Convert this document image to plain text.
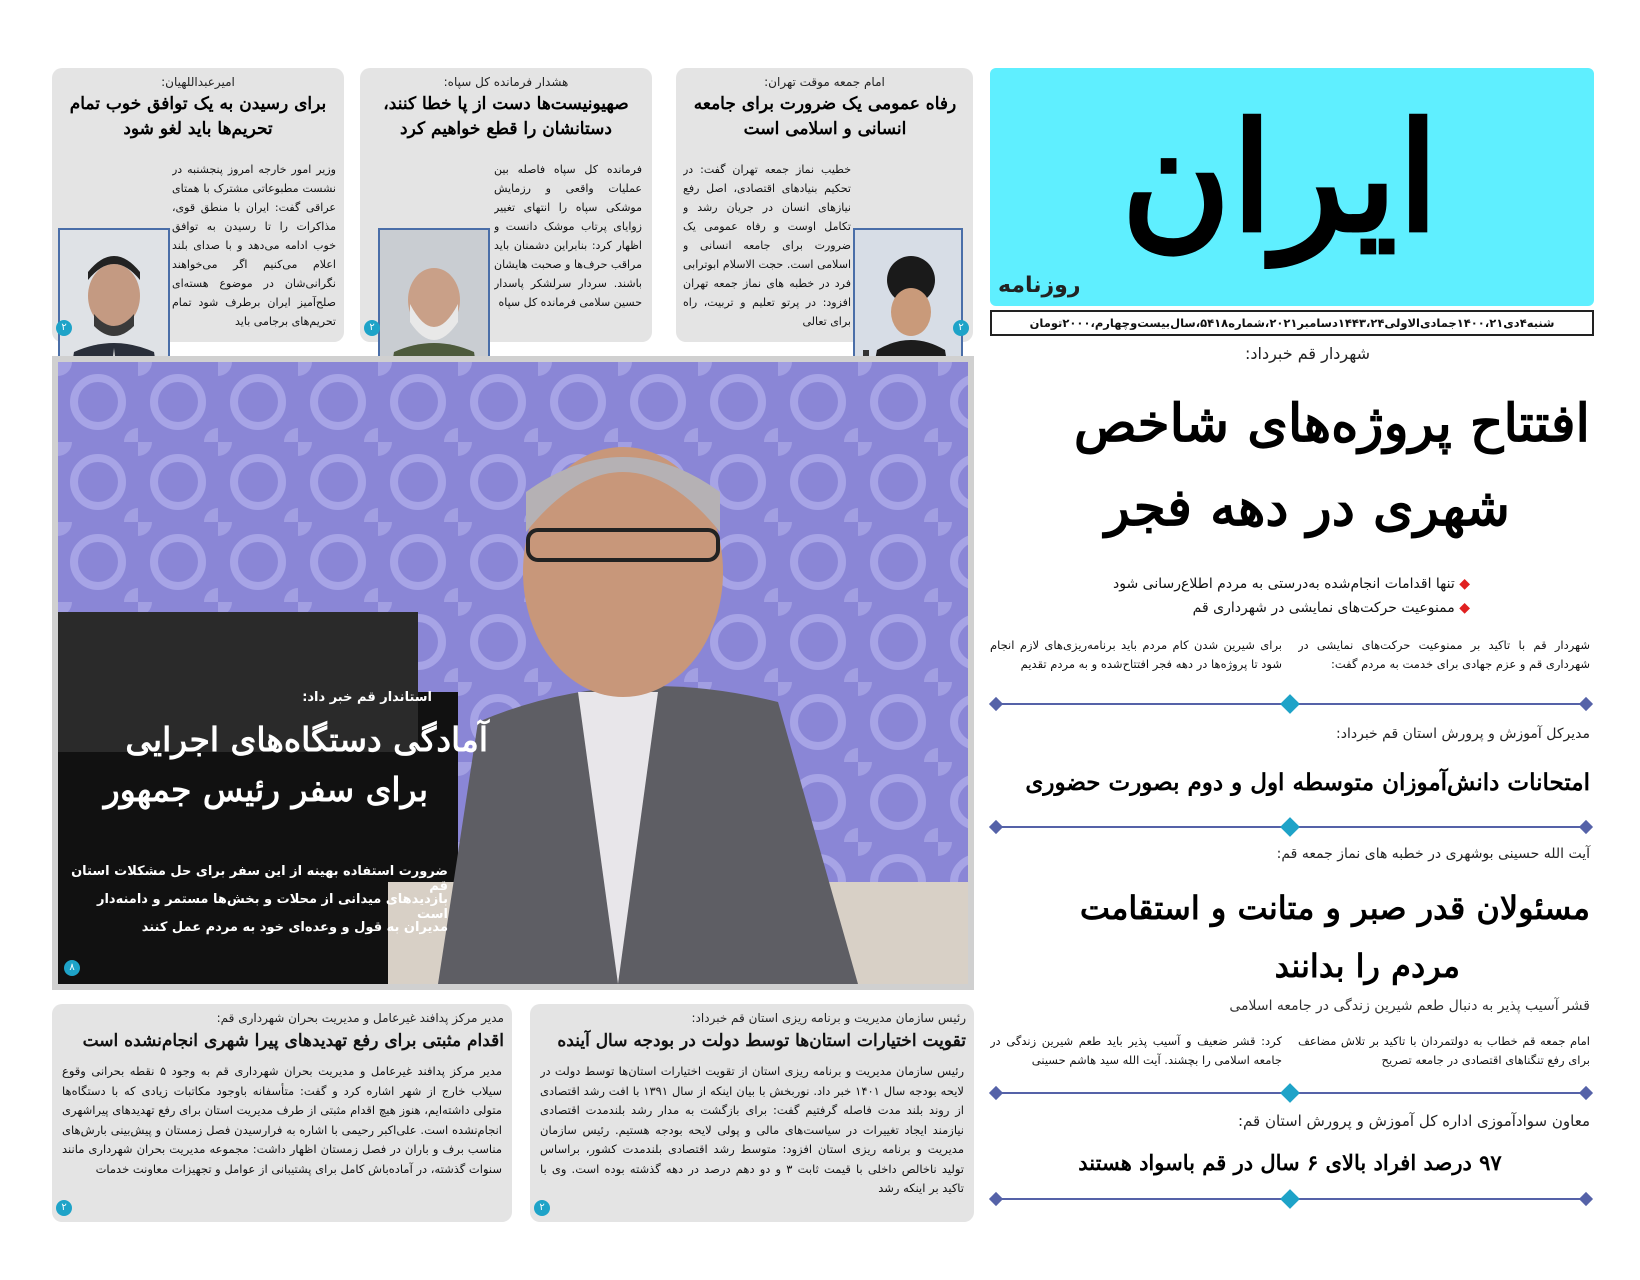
ایران
روزنامه
شنبه۴دی۱۴۰۰،۲۱جمادی‌الاولی۱۴۴۳،۲۴دسامبر۲۰۲۱،شماره۵۴۱۸،سال‌بیست‌وچهارم،۲۰۰۰تومان
امام جمعه موقت تهران:
رفاه عمومی یک ضرورت برای جامعه انسانی و اسلامی است
خطیب نماز جمعه تهران گفت: در تحکیم بنیادهای اقتصادی، اصل رفع نیازهای انسان در جریان رشد و تکامل اوست و رفاه عمومی یک ضرورت برای جامعه انسانی و اسلامی است. حجت الاسلام ابوترابی فرد در خطبه های نماز جمعه تهران افزود: در پرتو تعلیم و تربیت، راه برای تعالی	۲
هشدار فرمانده کل سپاه:
صهیونیست‌ها دست از پا خطا کنند، دستانشان را قطع خواهیم کرد
فرمانده کل سپاه فاصله بین عملیات واقعی و رزمایش موشکی سپاه را انتهای تغییر زوایای پرتاب موشک دانست و اظهار کرد: بنابراین دشمنان باید مراقب حرف‌ها و صحبت هایشان باشند. سردار سرلشکر پاسدار حسین سلامی فرمانده کل سپاه
۲
امیرعبداللهیان:
برای رسیدن به یک توافق خوب تمام تحریم‌ها باید لغو شود
وزیر امور خارجه امروز پنجشنبه در نشست مطبوعاتی مشترک با همتای عراقی گفت: ایران با منطق قوی، مذاکرات را تا رسیدن به توافق خوب ادامه می‌دهد و با صدای بلند اعلام می‌کنیم اگر می‌خواهند نگرانی‌شان در موضوع هسته‌ای صلح‌آمیز ایران برطرف شود تمام تحریم‌های برجامی باید
۲
استاندار قم خبر داد:
آمادگی دستگاه‌های اجرایی
برای سفر رئیس جمهور
ضرورت استفاده بهینه از این سفر برای حل مشکلات استان قم
بازدیدهای میدانی از محلات و بخش‌ها مستمر و دامنه‌دار است
مدیران به قول و وعده‌ای خود به مردم عمل کنند
۸
شهردار قم خبرداد:
افتتاح پروژه‌های شاخص
شهری در دهه فجر
◆ تنها اقدامات انجام‌شده به‌درستی به مردم اطلاع‌رسانی شود
◆ ممنوعیت حرکت‌های نمایشی در شهرداری قم
شهردار قم با تاکید بر ممنوعیت حرکت‌های نمایشی در شهرداری قم و عزم جهادی برای خدمت به مردم گفت:
برای شیرین شدن کام مردم باید برنامه‌ریزی‌های لازم انجام شود تا پروژه‌ها در دهه فجر افتتاح‌شده و به مردم تقدیم
مدیرکل آموزش و پرورش استان قم خبرداد:
امتحانات دانش‌آموزان متوسطه اول و دوم بصورت حضوری
آیت الله حسینی بوشهری در خطبه های نماز جمعه قم:
مسئولان قدر صبر و متانت و استقامت
مردم را بدانند
قشر آسیب‌ پذیر به دنبال طعم شیرین زندگی در جامعه اسلامی
امام جمعه قم خطاب به دولتمردان با تاکید بر تلاش مضاعف برای رفع تنگناهای اقتصادی در جامعه تصریح
کرد: قشر ضعیف و آسیب پذیر باید طعم شیرین زندگی در جامعه اسلامی را بچشند. آیت الله سید هاشم حسینی
معاون سوادآموزی اداره کل آموزش و پرورش استان قم:
۹۷ درصد افراد بالای ۶ سال در قم باسواد هستند
رئیس سازمان مدیریت و برنامه ریزی استان قم خبرداد:
تقویت اختیارات استان‌ها توسط دولت در بودجه سال آینده
رئیس سازمان مدیریت و برنامه ریزی استان از تقویت اختیارات استان‌ها توسط دولت در لایحه بودجه سال ۱۴۰۱ خبر داد. نوربخش با بیان اینکه از سال ۱۳۹۱ با افت رشد اقتصادی از روند بلند مدت فاصله گرفتیم گفت: برای بازگشت به مدار رشد بلندمدت اقتصادی نیازمند ایجاد تغییرات در سیاست‌های مالی و پولی لایحه بودجه هستیم. رئیس سازمان مدیریت و برنامه ریزی استان افزود: متوسط رشد اقتصادی بلندمدت کشور، براساس تولید ناخالص داخلی با قیمت ثابت ۳ و دو دهم درصد در دهه گذشته بوده است. وی با تاکید بر اینکه رشد
۲
مدیر مرکز پدافند غیرعامل و مدیریت بحران شهرداری قم:
اقدام مثبتی برای رفع تهدیدهای پیرا شهری انجام‌نشده است
مدیر مرکز پدافند غیرعامل و مدیریت بحران شهرداری قم به وجود ۵ نقطه بحرانی وقوع سیلاب خارج از شهر اشاره کرد و گفت: متأسفانه باوجود مکاتبات زیادی که با دستگاه‌ها متولی داشته‌ایم، هنوز هیچ اقدام مثبتی از طرف مدیریت استان برای رفع تهدیدهای پیراشهری انجام‌نشده است. علی‌اکبر رحیمی با اشاره به فرارسیدن فصل زمستان و پیش‌بینی بارش‌های مناسب برف و باران در فصل زمستان اظهار داشت: مجموعه مدیریت بحران شهرداری مانند سنوات گذشته، در آماده‌باش کامل برای پشتیبانی از عوامل و تجهیزات معاونت خدمات
۲
